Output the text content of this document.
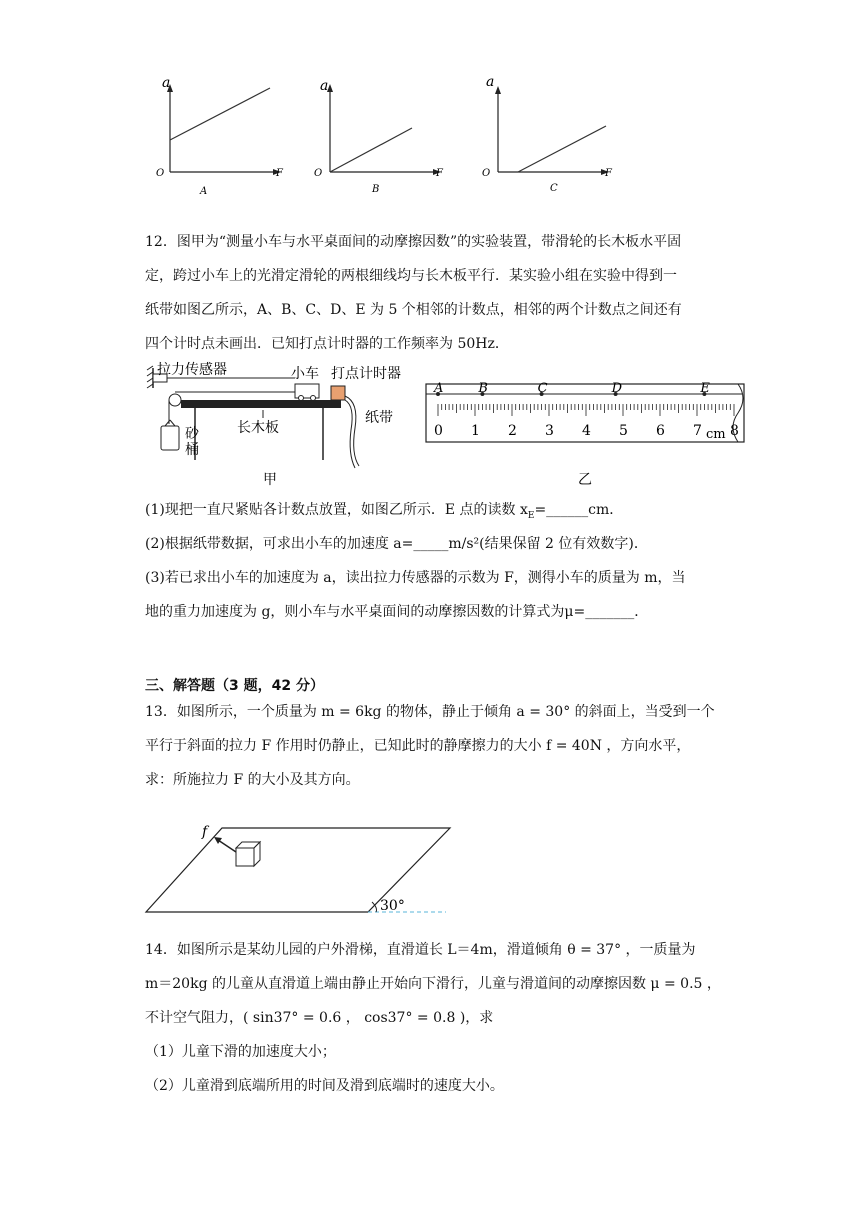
a
O	F
A
a
O	F
B
a
O	F
C
12．图甲为“测量小车与水平桌面间的动摩擦因数”的实验装置，带滑轮的长木板水平固
定，跨过小车上的光滑定滑轮的两根细线均与长木板平行．某实验小组在实验中得到一
纸带如图乙所示，A、B、C、D、E 为 5 个相邻的计数点，相邻的两个计数点之间还有
四个计时点未画出．已知打点计时器的工作频率为 50Hz．
拉力传感器	小车 打点计时器
长木板
砂
桶
纸带
甲
0 1 2 3 4 5 6 7 8
A	B	C	D	E
cm
乙
(1)现把一直尺紧贴各计数点放置，如图乙所示．E 点的读数 $x_E=\_\_\_\_\_\_cm$．
(2)根据纸带数据，可求出小车的加速度 a=_____m/s²(结果保留 2 位有效数字)．
(3)若已求出小车的加速度为 a，读出拉力传感器的示数为 F，测得小车的质量为 m，当
地的重力加速度为 g，则小车与水平桌面间的动摩擦因数的计算式为μ=_______．
三、解答题（3 题，42 分）
13．如图所示，一个质量为 m = 6kg 的物体，静止于倾角 a = 30° 的斜面上，当受到一个
平行于斜面的拉力 F 作用时仍静止，已知此时的静摩擦力的大小 f = 40N ，方向水平，
求：所施拉力 F 的大小及其方向。
f
30°
14．如图所示是某幼儿园的户外滑梯，直滑道长 L＝4m，滑道倾角 θ = 37° ，一质量为
m＝20kg 的儿童从直滑道上端由静止开始向下滑行，儿童与滑道间的动摩擦因数 μ = 0.5 ，
不计空气阻力，( sin37° = 0.6 ， cos37° = 0.8 )，求
（1）儿童下滑的加速度大小；
（2）儿童滑到底端所用的时间及滑到底端时的速度大小。
